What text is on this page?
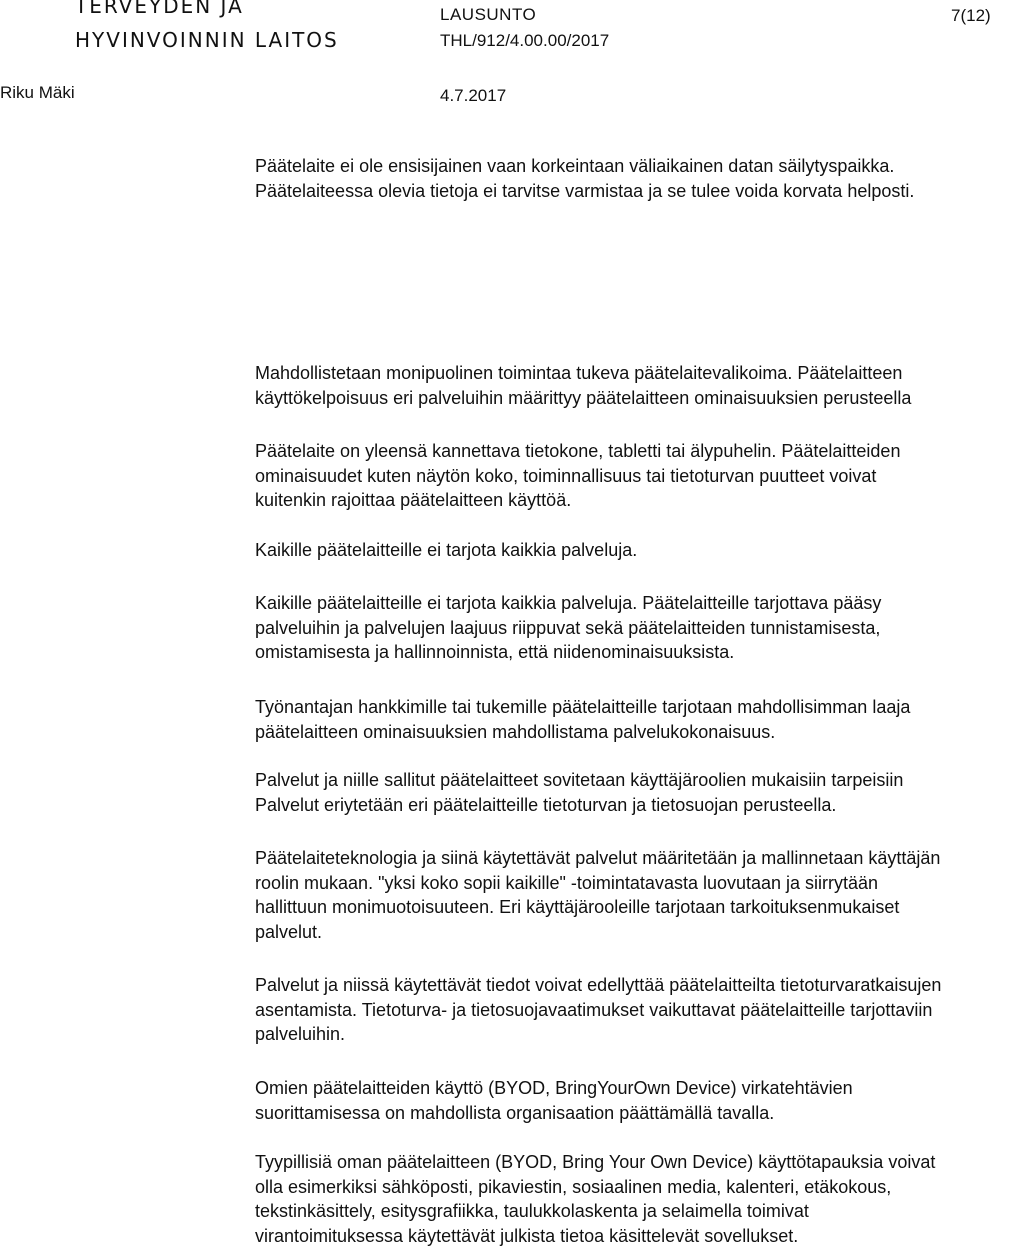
TERVEYDEN JA
HYVINVOINNIN LAITOS
LAUSUNTO
THL/912/4.00.00/2017
7(12)
Riku Mäki	4.7.2017

Päätelaite ei ole ensisijainen vaan korkeintaan väliaikainen datan säilytyspaikka.
Päätelaiteessa olevia tietoja ei tarvitse varmistaa ja se tulee voida korvata helposti.

Mahdollistetaan monipuolinen toimintaa tukeva päätelaitevalikoima. Päätelaitteen
käyttökelpoisuus eri palveluihin määrittyy päätelaitteen ominaisuuksien perusteella

Päätelaite on yleensä kannettava tietokone, tabletti tai älypuhelin. Päätelaitteiden
ominaisuudet kuten näytön koko, toiminnallisuus tai tietoturvan puutteet voivat
kuitenkin rajoittaa päätelaitteen käyttöä.

Kaikille päätelaitteille ei tarjota kaikkia palveluja.

Kaikille päätelaitteille ei tarjota kaikkia palveluja. Päätelaitteille tarjottava pääsy
palveluihin ja palvelujen laajuus riippuvat sekä päätelaitteiden tunnistamisesta,
omistamisesta ja hallinnoinnista, että niidenominaisuuksista.

Työnantajan hankkimille tai tukemille päätelaitteille tarjotaan mahdollisimman laaja
päätelaitteen ominaisuuksien mahdollistama palvelukokonaisuus.

Palvelut ja niille sallitut päätelaitteet sovitetaan käyttäjäroolien mukaisiin tarpeisiin
Palvelut eriytetään eri päätelaitteille tietoturvan ja tietosuojan perusteella.

Päätelaiteteknologia ja siinä käytettävät palvelut määritetään ja mallinnetaan käyttäjän
roolin mukaan. "yksi koko sopii kaikille" -toimintatavasta luovutaan ja siirrytään
hallittuun monimuotoisuuteen. Eri käyttäjärooleille tarjotaan tarkoituksenmukaiset
palvelut.

Palvelut ja niissä käytettävät tiedot voivat edellyttää päätelaitteilta tietoturvaratkaisujen
asentamista. Tietoturva- ja tietosuojavaatimukset vaikuttavat päätelaitteille tarjottaviin
palveluihin.

Omien päätelaitteiden käyttö (BYOD, BringYourOwn Device) virkatehtävien
suorittamisessa on mahdollista organisaation päättämällä tavalla.

Tyypillisiä oman päätelaitteen (BYOD, Bring Your Own Device) käyttötapauksia voivat
olla esimerkiksi sähköposti, pikaviestin, sosiaalinen media, kalenteri, etäkokous,
tekstinkäsittely, esitysgrafiikka, taulukkolaskenta ja selaimella toimivat
virantoimituksessa käytettävät julkista tietoa käsittelevät sovellukset.
